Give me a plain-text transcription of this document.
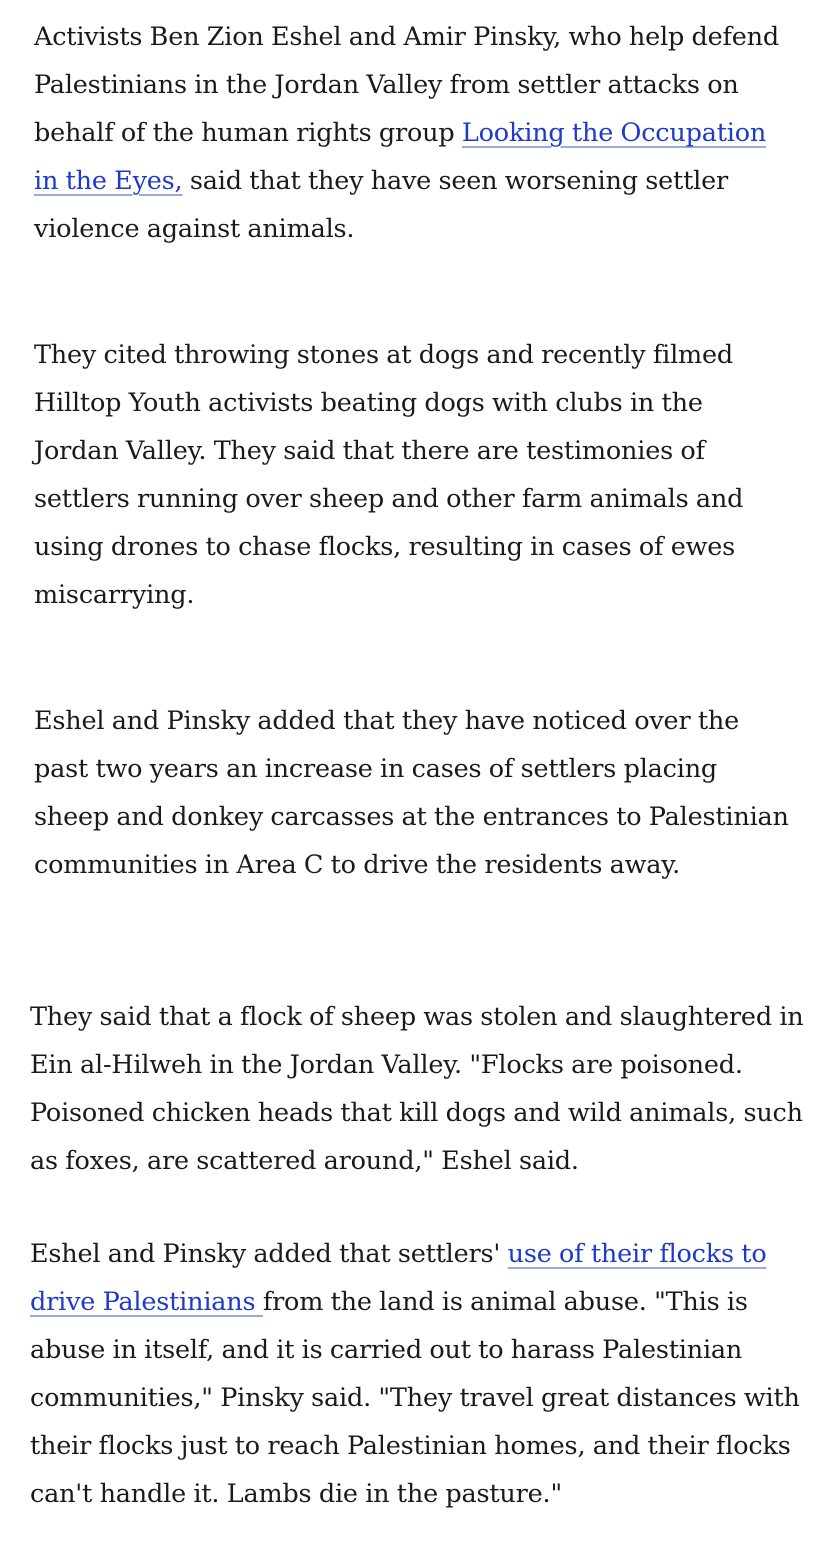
Activists Ben Zion Eshel and Amir Pinsky, who help defend Palestinians in the Jordan Valley from settler attacks on behalf of the human rights group Looking the Occupation in the Eyes, said that they have seen worsening settler violence against animals.

They cited throwing stones at dogs and recently filmed Hilltop Youth activists beating dogs with clubs in the Jordan Valley. They said that there are testimonies of settlers running over sheep and other farm animals and using drones to chase flocks, resulting in cases of ewes miscarrying.

Eshel and Pinsky added that they have noticed over the past two years an increase in cases of settlers placing sheep and donkey carcasses at the entrances to Palestinian communities in Area C to drive the residents away.

They said that a flock of sheep was stolen and slaughtered in Ein al-Hilweh in the Jordan Valley. "Flocks are poisoned. Poisoned chicken heads that kill dogs and wild animals, such as foxes, are scattered around," Eshel said.

Eshel and Pinsky added that settlers' use of their flocks to drive Palestinians from the land is animal abuse. "This is abuse in itself, and it is carried out to harass Palestinian communities," Pinsky said. "They travel great distances with their flocks just to reach Palestinian homes, and their flocks can't handle it. Lambs die in the pasture."
